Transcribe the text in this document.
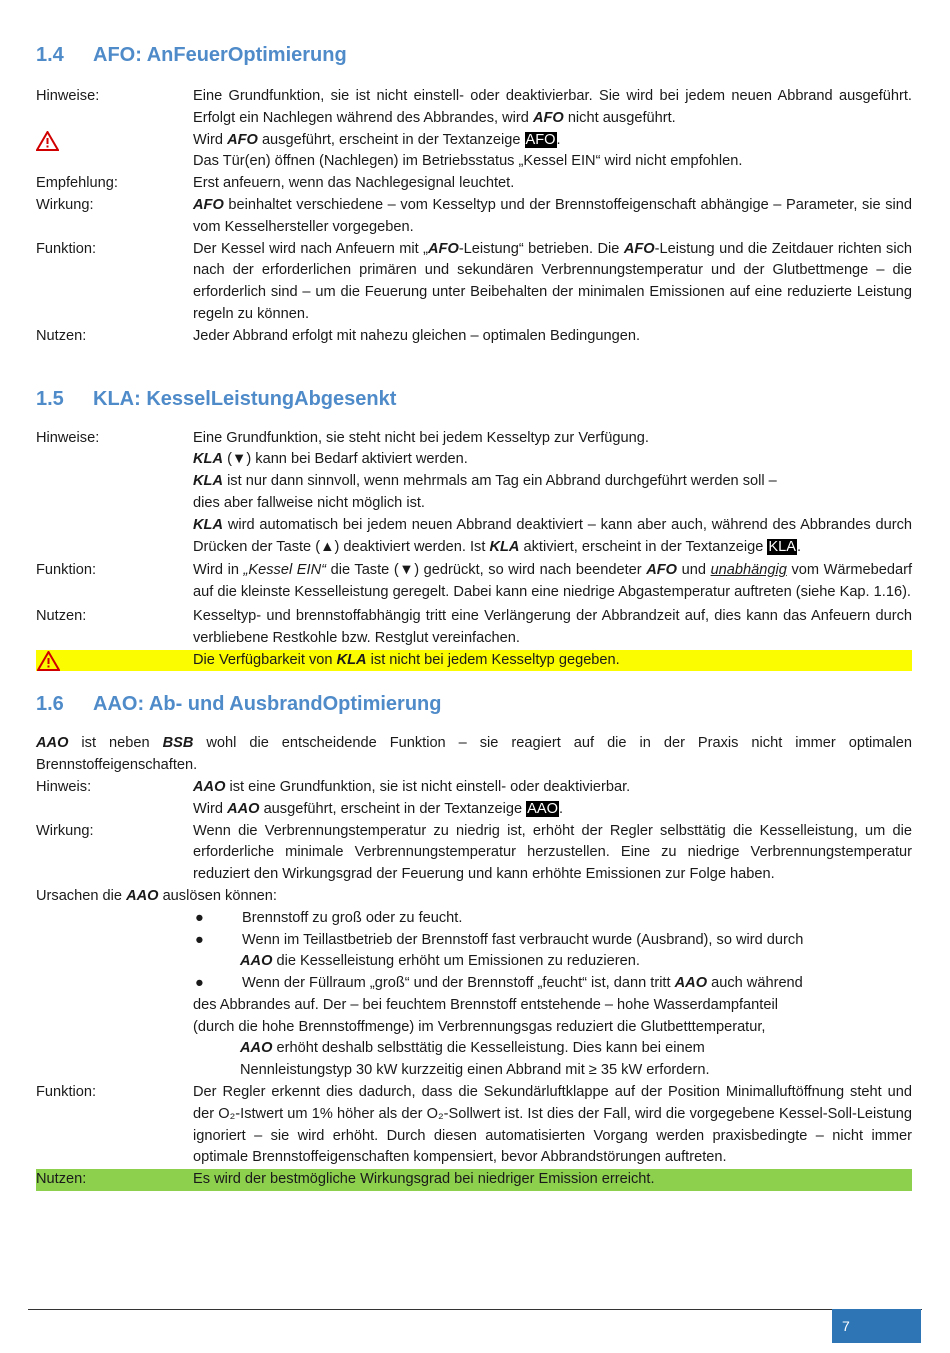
1.4	AFO: AnFeuerOptimierung
Hinweise:	Eine Grundfunktion, sie ist nicht einstell- oder deaktivierbar. Sie wird bei jedem neuen Abbrand ausgeführt. Erfolgt ein Nachlegen während des Abbrandes, wird AFO nicht ausgeführt.

Wird AFO ausgeführt, erscheint in der Textanzeige AFO.

Das Tür(en) öffnen (Nachlegen) im Betriebsstatus „Kessel EIN“ wird nicht empfohlen.

Empfehlung:	Erst anfeuern, wenn das Nachlegesignal leuchtet.
Wirkung:	AFO beinhaltet verschiedene – vom Kesseltyp und der Brennstoffeigenschaft abhängige – Parameter, sie sind vom Kesselhersteller vorgegeben.
Funktion:	Der Kessel wird nach Anfeuern mit „AFO-Leistung“ betrieben. Die AFO-Leistung und die Zeitdauer richten sich nach der erforderlichen primären und sekundären Verbrennungstemperatur und der Glutbettmenge – die erforderlich sind – um die Feuerung unter Beibehalten der minimalen Emissionen auf eine reduzierte Leistung regeln zu können.
Nutzen:	Jeder Abbrand erfolgt mit nahezu gleichen – optimalen Bedingungen.
1.5	KLA: KesselLeistungAbgesenkt
Hinweise:	Eine Grundfunktion, sie steht nicht bei jedem Kesseltyp zur Verfügung.

KLA (▼) kann bei Bedarf aktiviert werden.

KLA ist nur dann sinnvoll, wenn mehrmals am Tag ein Abbrand durchgeführt werden soll –

dies aber fallweise nicht möglich ist.

KLA wird automatisch bei jedem neuen Abbrand deaktiviert – kann aber auch, während des Abbrandes durch Drücken der Taste (▲) deaktiviert werden. Ist KLA aktiviert, erscheint in der Textanzeige KLA.

Funktion:	Wird in „Kessel EIN“ die Taste (▼) gedrückt, so wird nach beendeter AFO und unabhängig vom Wärmebedarf auf die kleinste Kesselleistung geregelt. Dabei kann eine niedrige Abgastemperatur auftreten (siehe Kap. 1.16).
Nutzen:	Kesseltyp- und brennstoffabhängig tritt eine Verlängerung der Abbrandzeit auf, dies kann das Anfeuern durch verbliebene Restkohle bzw. Restglut vereinfachen.
Die Verfügbarkeit von KLA ist nicht bei jedem Kesseltyp gegeben.
1.6	AAO: Ab- und AusbrandOptimierung
AAO ist neben BSB wohl die entscheidende Funktion – sie reagiert auf die in der Praxis nicht immer optimalen Brennstoffeigenschaften.
Hinweis:	AAO ist eine Grundfunktion, sie ist nicht einstell- oder deaktivierbar.

Wird AAO ausgeführt, erscheint in der Textanzeige AAO.

Wirkung:	Wenn die Verbrennungstemperatur zu niedrig ist, erhöht der Regler selbsttätig die Kesselleistung, um die erforderliche minimale Verbrennungstemperatur herzustellen. Eine zu niedrige Verbrennungstemperatur reduziert den Wirkungsgrad der Feuerung und kann erhöhte Emissionen zur Folge haben.
Ursachen die AAO auslösen können:
●	Brennstoff zu groß oder zu feucht.
●	Wenn im Teillastbetrieb der Brennstoff fast verbraucht wurde (Ausbrand), so wird durch
AAO die Kesselleistung erhöht um Emissionen zu reduzieren.
●	Wenn der Füllraum „groß“ und der Brennstoff „feucht“ ist, dann tritt AAO auch während
des Abbrandes auf. Der – bei feuchtem Brennstoff entstehende – hohe Wasserdampfanteil
(durch die hohe Brennstoffmenge) im Verbrennungsgas reduziert die Glutbetttemperatur,
AAO erhöht deshalb selbsttätig die Kesselleistung. Dies kann bei einem
Nennleistungstyp 30 kW kurzzeitig einen Abbrand mit ≥ 35 kW erfordern.
Funktion:	Der Regler erkennt dies dadurch, dass die Sekundärluftklappe auf der Position Minimalluftöffnung steht und der O₂-Istwert um 1% höher als der O₂-Sollwert ist. Ist dies der Fall, wird die vorgegebene Kessel-Soll-Leistung ignoriert – sie wird erhöht. Durch diesen automatisierten Vorgang werden praxisbedingte – nicht immer optimale Brennstoffeigenschaften kompensiert, bevor Abbrandstörungen auftreten.
Nutzen:	Es wird der bestmögliche Wirkungsgrad bei niedriger Emission erreicht.
7
